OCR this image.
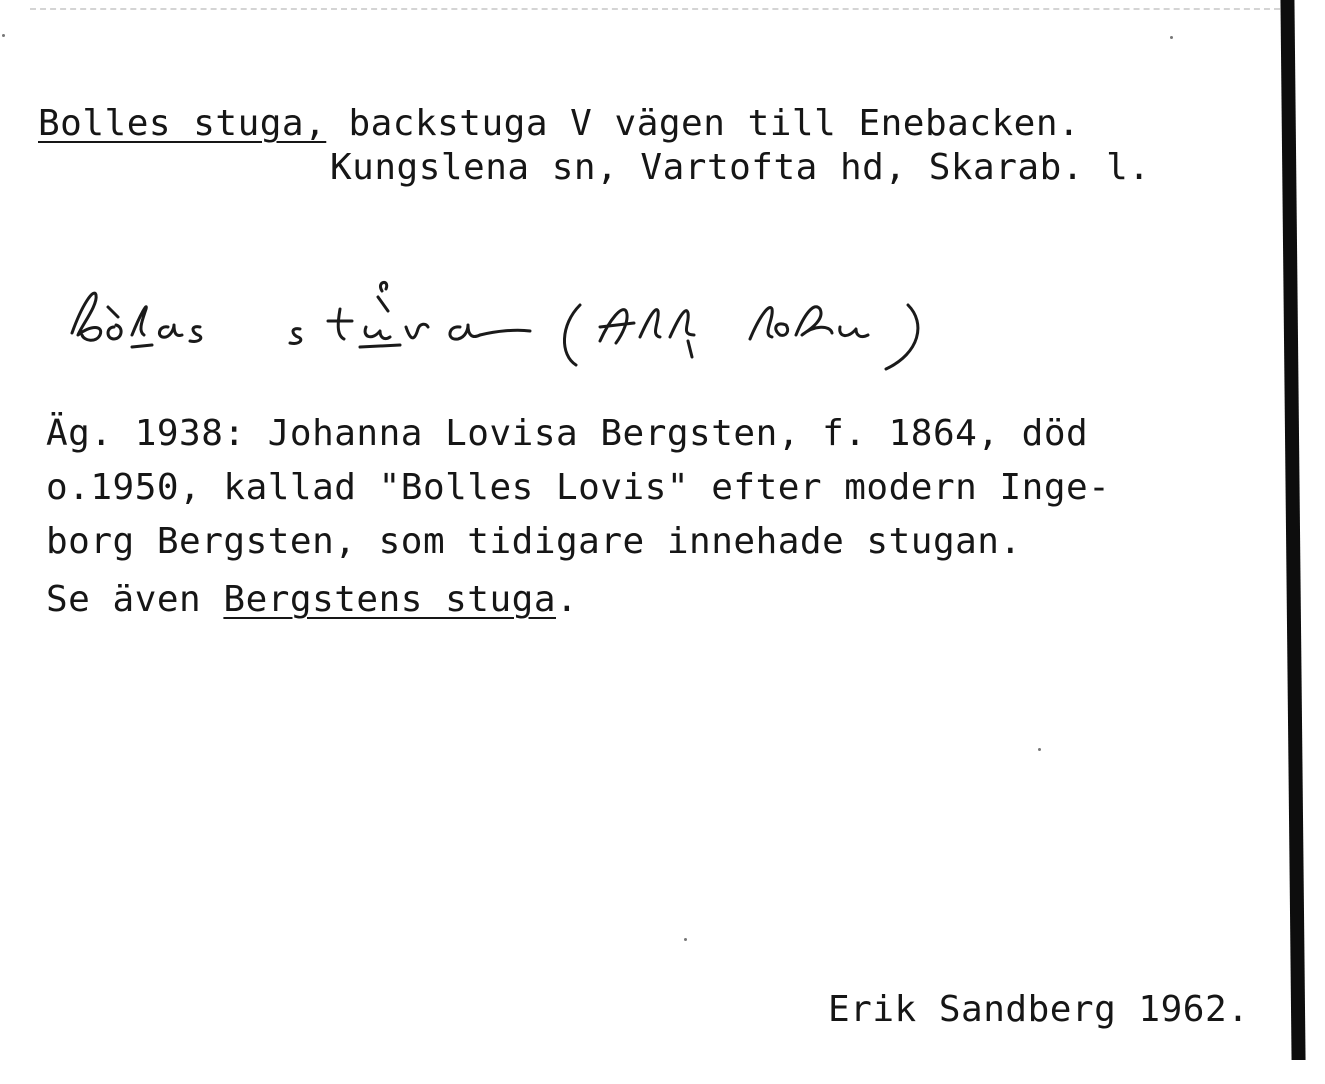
Bolles stuga, backstuga V vägen till Enebacken.
Kungslena sn, Vartofta hd, Skarab. l.
bolas stuva (Adlg., lobu)
Äg. 1938: Johanna Lovisa Bergsten, f. 1864, död
o.1950, kallad "Bolles Lovis" efter modern Inge-
borg Bergsten, som tidigare innehade stugan.
Se även Bergstens stuga.
Erik Sandberg 1962.
